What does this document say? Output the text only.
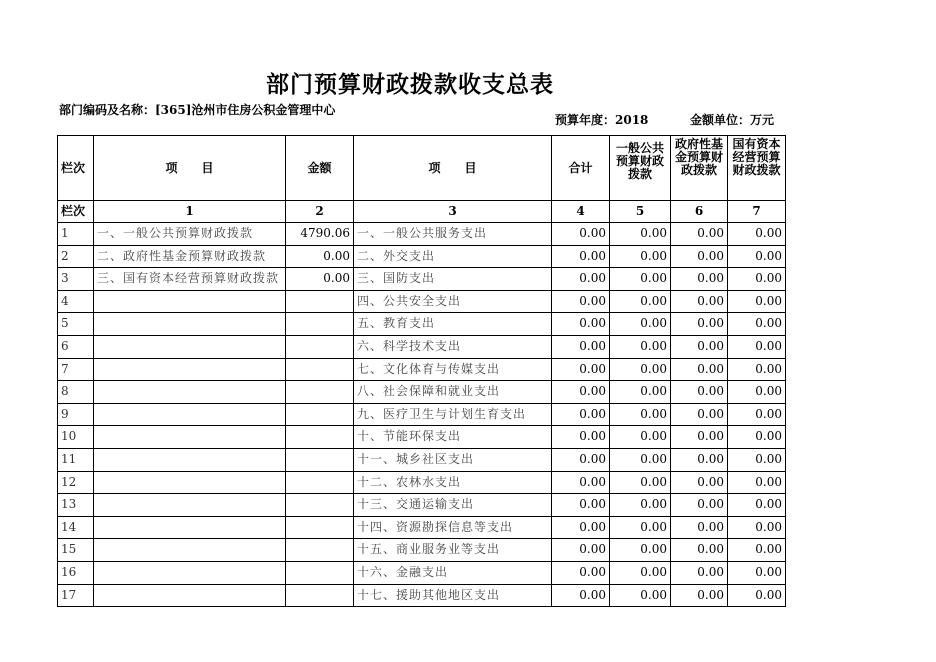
部门预算财政拨款收支总表
部门编码及名称：[365]沧州市住房公积金管理中心
预算年度：2018	金额单位：万元
栏次	项　　目	金额	项　　目	合计	一般公共预算财政拨款	政府性基金预算财政拨款	国有资本经营预算财政拨款
栏次	1	2	3	4	5	6	7
1	一、一般公共预算财政拨款	4790.06	一、一般公共服务支出	0.00	0.00	0.00	0.00
2	二、政府性基金预算财政拨款	0.00	二、外交支出	0.00	0.00	0.00	0.00
3	三、国有资本经营预算财政拨款	0.00	三、国防支出	0.00	0.00	0.00	0.00
4			四、公共安全支出	0.00	0.00	0.00	0.00
5			五、教育支出	0.00	0.00	0.00	0.00
6			六、科学技术支出	0.00	0.00	0.00	0.00
7			七、文化体育与传媒支出	0.00	0.00	0.00	0.00
8			八、社会保障和就业支出	0.00	0.00	0.00	0.00
9			九、医疗卫生与计划生育支出	0.00	0.00	0.00	0.00
10			十、节能环保支出	0.00	0.00	0.00	0.00
11			十一、城乡社区支出	0.00	0.00	0.00	0.00
12			十二、农林水支出	0.00	0.00	0.00	0.00
13			十三、交通运输支出	0.00	0.00	0.00	0.00
14			十四、资源勘探信息等支出	0.00	0.00	0.00	0.00
15			十五、商业服务业等支出	0.00	0.00	0.00	0.00
16			十六、金融支出	0.00	0.00	0.00	0.00
17			十七、援助其他地区支出	0.00	0.00	0.00	0.00
